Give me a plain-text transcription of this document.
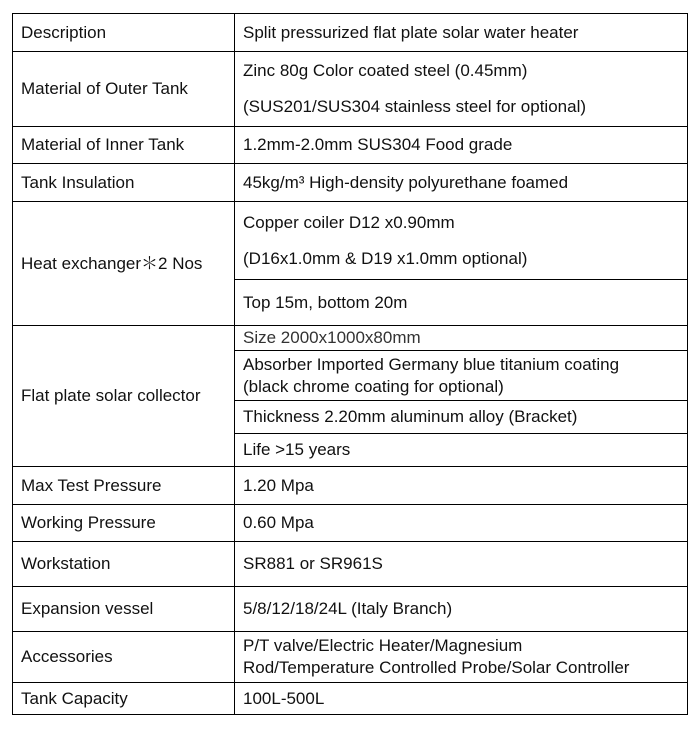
Description	Split pressurized flat plate solar water heater
Material of Outer Tank	Zinc 80g Color coated steel (0.45mm)
(SUS201/SUS304 stainless steel for optional)

Material of Inner Tank	1.2mm-2.0mm SUS304 Food grade
Tank Insulation	45kg/m³ High-density polyurethane foamed
Heat exchanger＊2 Nos	Copper coiler D12 x0.90mm
(D16x1.0mm & D19 x1.0mm optional)

	Top 15m, bottom 20m
Flat plate solar collector	Size 2000x1000x80mm

	Absorber Imported Germany blue titanium coating
(black chrome coating for optional)

	Thickness 2.20mm aluminum alloy (Bracket)
	Life >15 years
Max Test Pressure	1.20 Mpa
Working Pressure	0.60 Mpa
Workstation	SR881 or SR961S
Expansion vessel	5/8/12/18/24L (Italy Branch)
Accessories	P/T valve/Electric Heater/Magnesium
Rod/Temperature Controlled Probe/Solar Controller

Tank Capacity	100L-500L
